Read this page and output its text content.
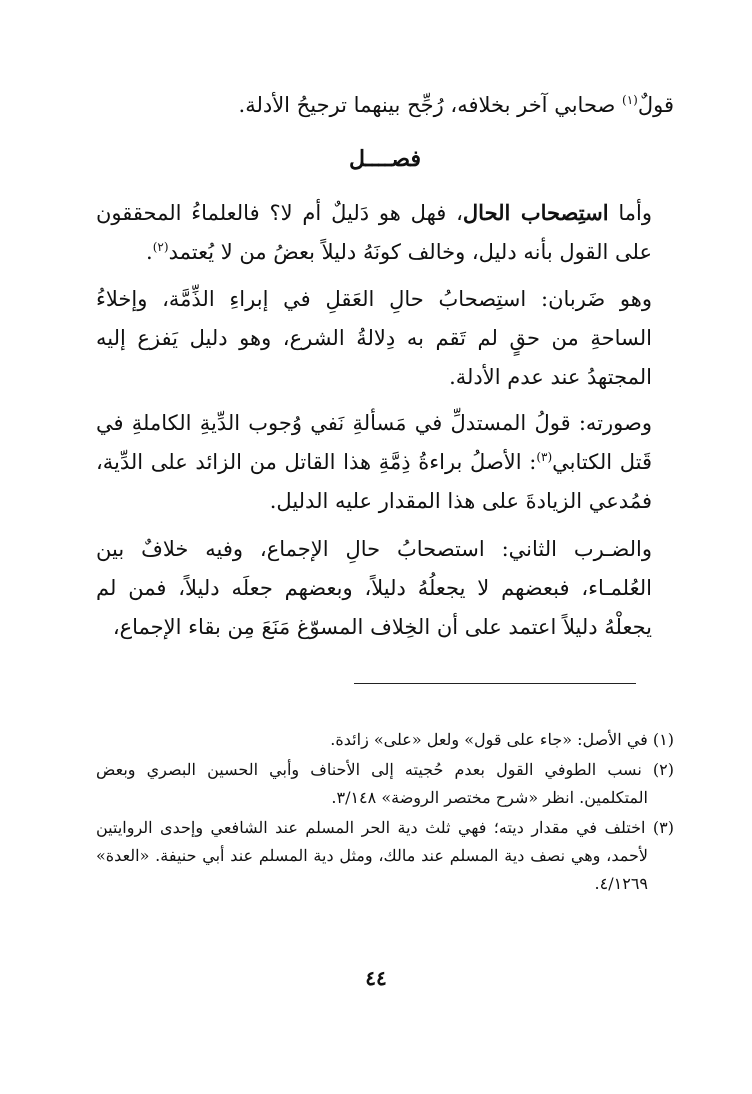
قولٌ$^{(١)}$ صحابي آخر بخلافه، رُجِّح بينهما ترجيحُ الأدلة.

فصــــل

وأما استِصحاب الحال، فهل هو دَليلٌ أم لا؟ فالعلماءُ المحققون على القول بأنه دليل، وخالف كونَهُ دليلاً بعضُ من لا يُعتمد$^{(٢)}$.

وهو ضَربان: استِصحابُ حالِ العَقلِ في إبراءِ الذِّمَّة، وإخلاءُ الساحةِ من حقٍ لم تَقم به دِلالةُ الشرع، وهو دليل يَفزع إليه المجتهدُ عند عدم الأدلة.

وصورته: قولُ المستدلِّ في مَسألةِ نَفي وُجوب الدِّيةِ الكاملةِ في قَتل الكتابي$^{(٣)}$: الأصلُ براءةُ ذِمَّةِ هذا القاتل من الزائد على الدِّية، فمُدعي الزيادةَ على هذا المقدار عليه الدليل.

والضـرب الثاني: استصحابُ حالِ الإجماع، وفيه خلافٌ بين العُلمـاء، فبعضهم لا يجعلُهُ دليلاً، وبعضهم جعلَه دليلاً، فمن لم يجعلْهُ دليلاً اعتمد على أن الخِلاف المسوّغ مَنَعَ مِن بقاء الإجماع،

(١) في الأصل: «جاء على قول» ولعل «على» زائدة.

(٢) نسب الطوفي القول بعدم حُجيته إلى الأحناف وأبي الحسين البصري وبعض المتكلمين. انظر «شرح مختصر الروضة» ٣/١٤٨.

(٣) اختلف في مقدار ديته؛ فهي ثلث دية الحر المسلم عند الشافعي وإحدى الروايتين لأحمد، وهي نصف دية المسلم عند مالك، ومثل دية المسلم عند أبي حنيفة. «العدة» ٤/١٢٦٩.

٤٤
